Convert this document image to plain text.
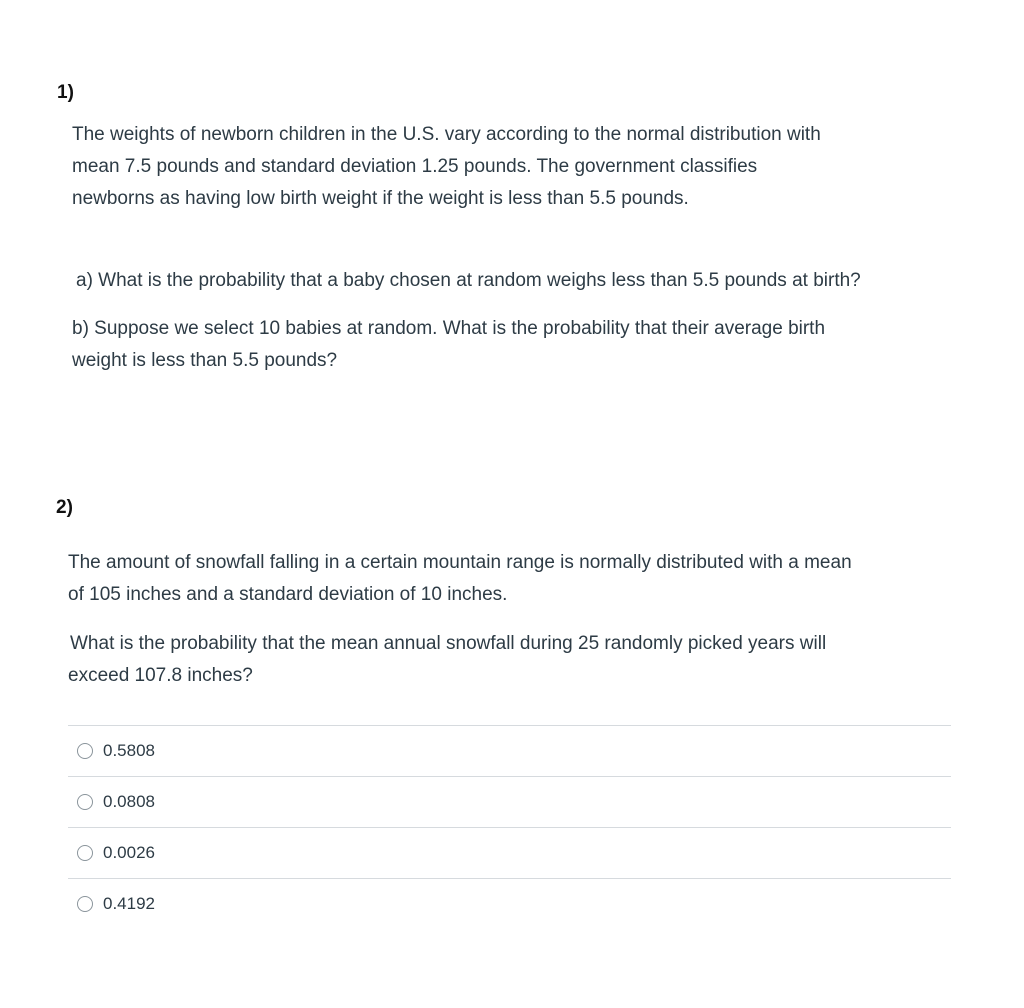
1)

The weights of newborn children in the U.S. vary according to the normal distribution with
mean 7.5 pounds and standard deviation 1.25 pounds. The government classifies
newborns as having low birth weight if the weight is less than 5.5 pounds.

a) What is the probability that a baby chosen at random weighs less than 5.5 pounds at birth?

b) Suppose we select 10 babies at random. What is the probability that their average birth
weight is less than 5.5 pounds?

2)

The amount of snowfall falling in a certain mountain range is normally distributed with a mean
of 105 inches and a standard deviation of 10 inches.

What is the probability that the mean annual snowfall during 25 randomly picked years will
exceed 107.8 inches?

0.5808
0.0808
0.0026
0.4192
